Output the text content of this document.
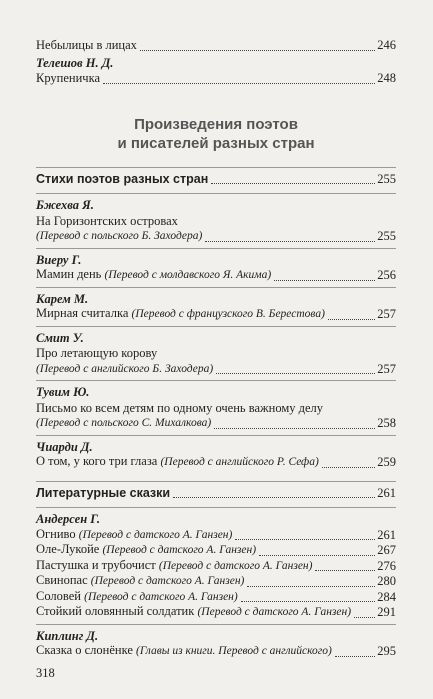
Небылицы в лицах	246
Телешов Н. Д.
Крупеничка	248
Произведения поэтов
и писателей разных стран
Стихи поэтов разных стран	255
Бжехва Я.
На Горизонтских островах
(Перевод с польского Б. Заходера)	255
Виеру Г.
Мамин день (Перевод с молдавского Я. Акима)	256
Карем М.
Мирная считалка (Перевод с французского В. Берестова)	257
Смит У.
Про летающую корову
(Перевод с английского Б. Заходера)	257
Тувим Ю.
Письмо ко всем детям по одному очень важному делу
(Перевод с польского С. Михалкова)	258
Чиарди Д.
О том, у кого три глаза (Перевод с английского Р. Сефа)	259
Литературные сказки	261
Андерсен Г.
Огниво (Перевод с датского А. Ганзен)	261
Оле-Лукойе (Перевод с датского А. Ганзен)	267
Пастушка и трубочист (Перевод с датского А. Ганзен)	276
Свинопас (Перевод с датского А. Ганзен)	280
Соловей (Перевод с датского А. Ганзен)	284
Стойкий оловянный солдатик (Перевод с датского А. Ганзен) 291
Киплинг Д.
Сказка о слонёнке (Главы из книги. Перевод с английского)	295
318
